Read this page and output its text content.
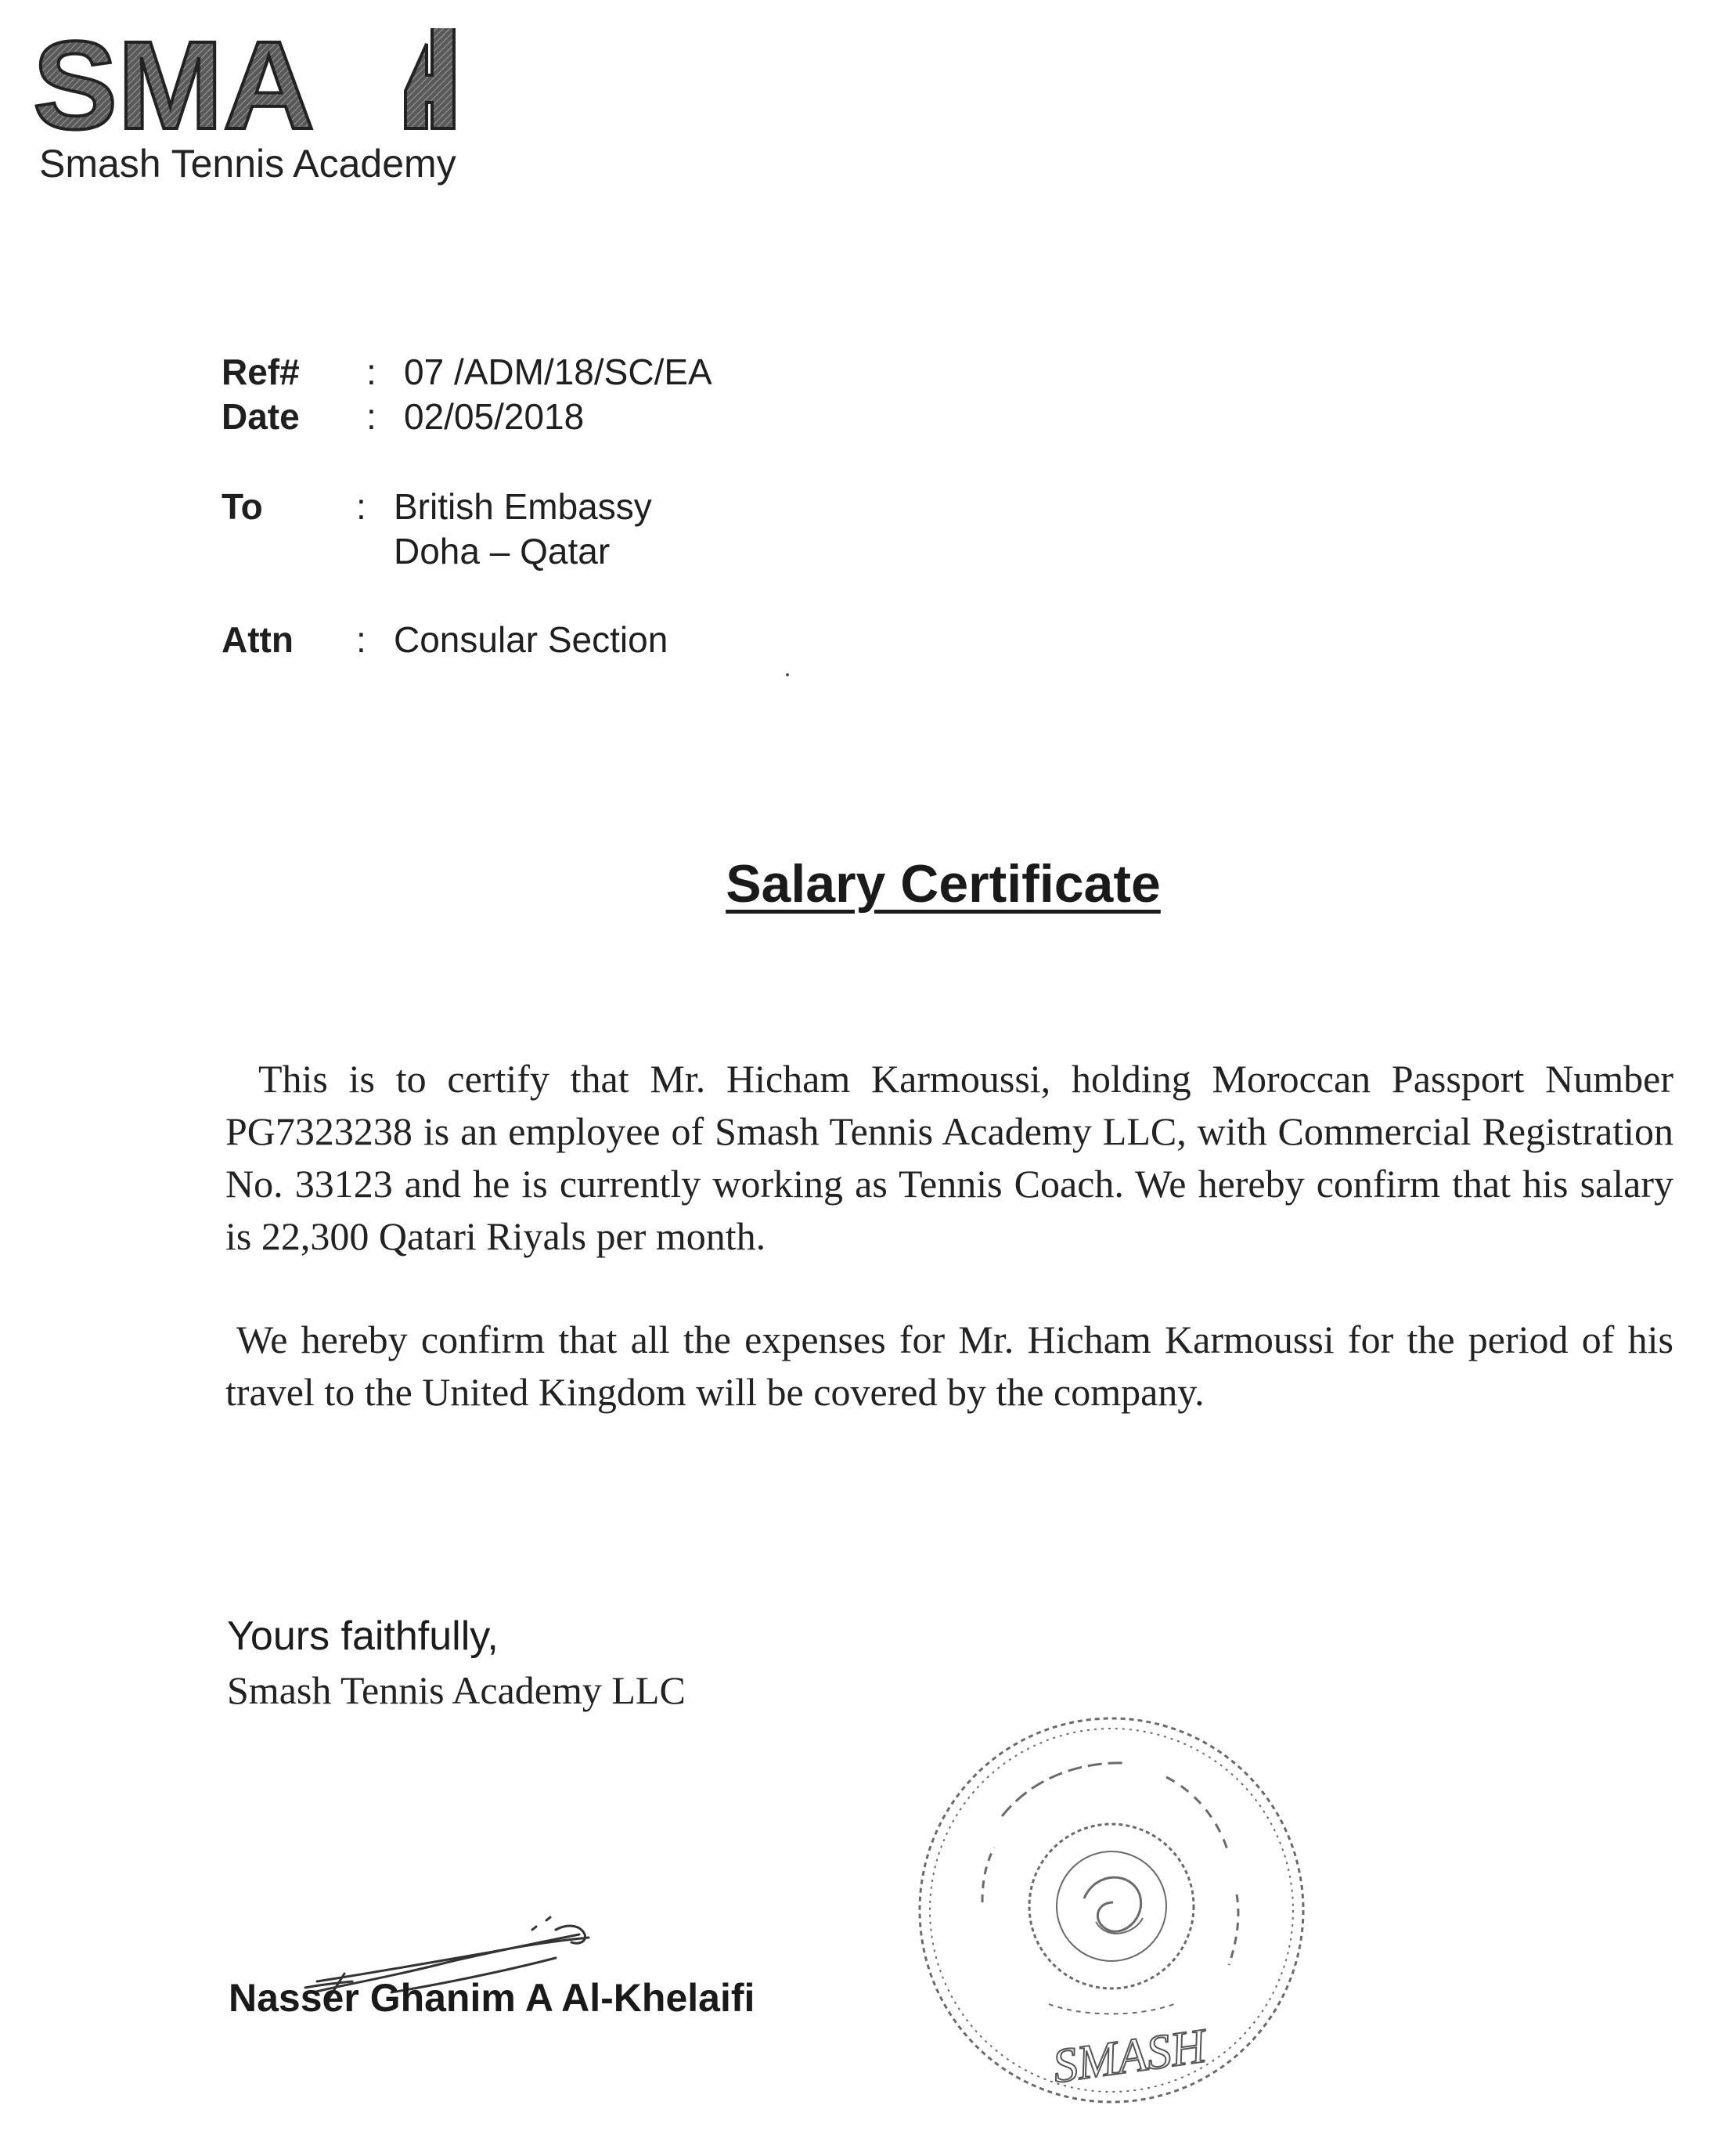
SMA
Smash Tennis Academy
Ref# : 07 /ADM/18/SC/EA
Date : 02/05/2018
To	: British Embassy
Doha – Qatar
Attn : Consular Section
Salary Certificate
This is to certify that Mr. Hicham Karmoussi, holding Moroccan Passport Number PG7323238 is an employee of Smash Tennis Academy LLC, with Commercial Registration No. 33123 and he is currently working as Tennis Coach. We hereby confirm that his salary is 22,300 Qatari Riyals per month.
We hereby confirm that all the expenses for Mr. Hicham Karmoussi for the period of his travel to the United Kingdom will be covered by the company.
Yours faithfully,
Smash Tennis Academy LLC
Nasser Ghanim A Al-Khelaifi
SMASH
